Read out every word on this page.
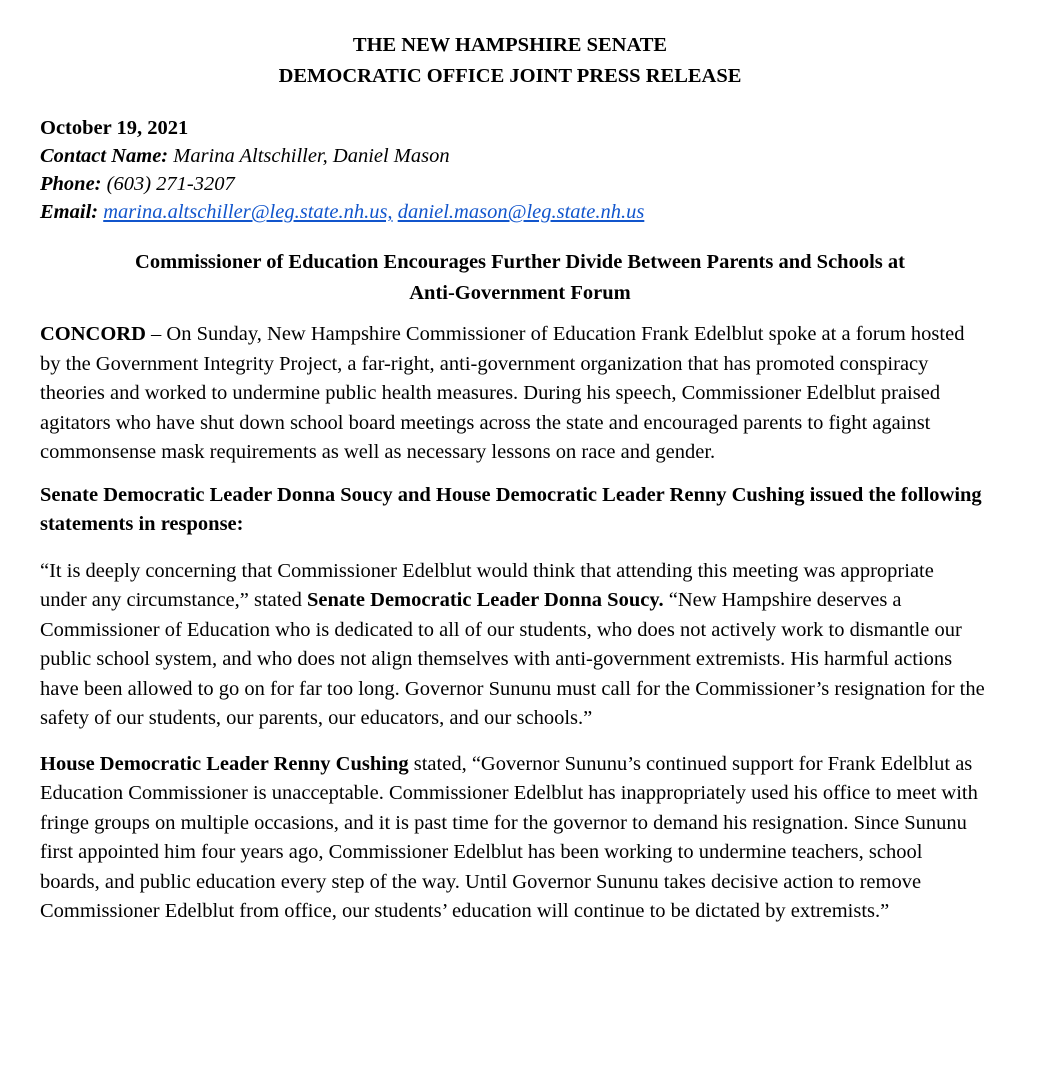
THE NEW HAMPSHIRE SENATE
DEMOCRATIC OFFICE JOINT PRESS RELEASE
October 19, 2021
Contact Name: Marina Altschiller, Daniel Mason
Phone: (603) 271-3207
Email: marina.altschiller@leg.state.nh.us, daniel.mason@leg.state.nh.us
Commissioner of Education Encourages Further Divide Between Parents and Schools at
Anti-Government Forum

CONCORD – On Sunday, New Hampshire Commissioner of Education Frank Edelblut spoke at a forum hosted by the Government Integrity Project, a far-right, anti-government organization that has promoted conspiracy theories and worked to undermine public health measures. During his speech, Commissioner Edelblut praised agitators who have shut down school board meetings across the state and encouraged parents to fight against commonsense mask requirements as well as necessary lessons on race and gender.

Senate Democratic Leader Donna Soucy and House Democratic Leader Renny Cushing issued the following statements in response:

“It is deeply concerning that Commissioner Edelblut would think that attending this meeting was appropriate under any circumstance,” stated Senate Democratic Leader Donna Soucy. “New Hampshire deserves a Commissioner of Education who is dedicated to all of our students, who does not actively work to dismantle our public school system, and who does not align themselves with anti-government extremists. His harmful actions have been allowed to go on for far too long. Governor Sununu must call for the Commissioner’s resignation for the safety of our students, our parents, our educators, and our schools.”

House Democratic Leader Renny Cushing stated, “Governor Sununu’s continued support for Frank Edelblut as Education Commissioner is unacceptable. Commissioner Edelblut has inappropriately used his office to meet with fringe groups on multiple occasions, and it is past time for the governor to demand his resignation. Since Sununu first appointed him four years ago, Commissioner Edelblut has been working to undermine teachers, school boards, and public education every step of the way. Until Governor Sununu takes decisive action to remove Commissioner Edelblut from office, our students’ education will continue to be dictated by extremists.”
